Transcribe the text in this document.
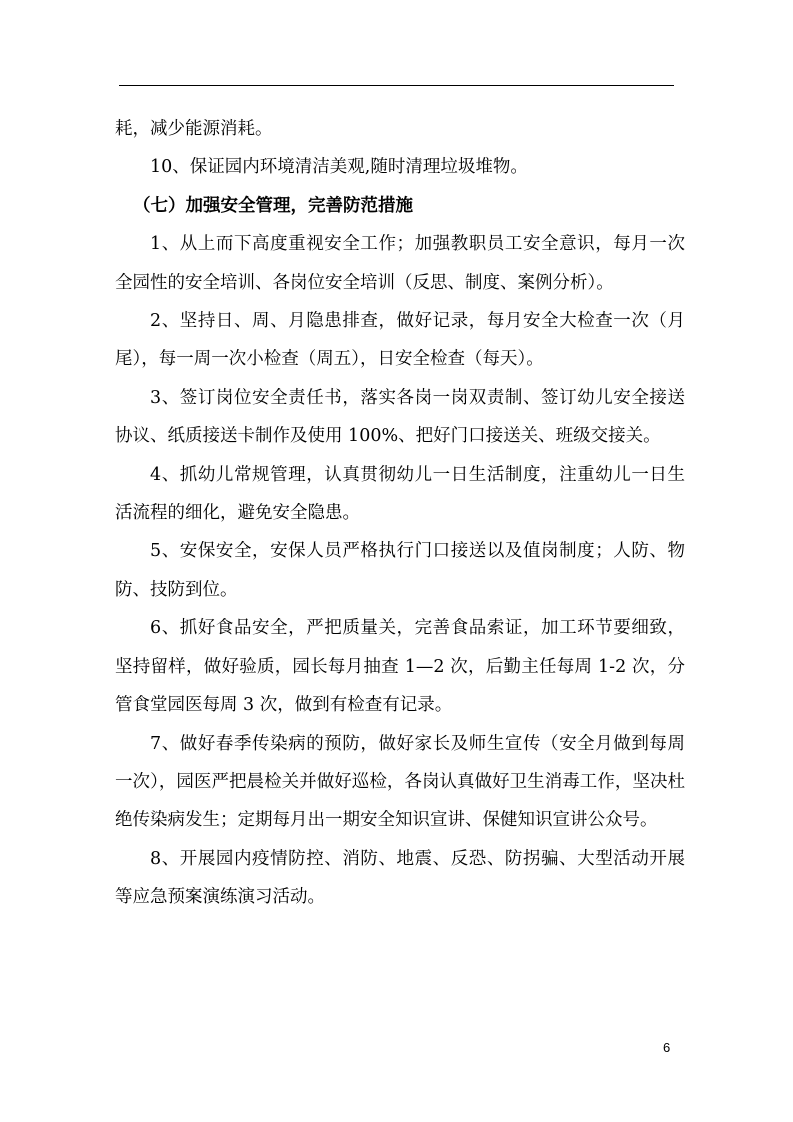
耗，减少能源消耗。

10、保证园内环境清洁美观,随时清理垃圾堆物。

（七）加强安全管理，完善防范措施

1、从上而下高度重视安全工作；加强教职员工安全意识，每月一次全园性的安全培训、各岗位安全培训（反思、制度、案例分析）。

2、坚持日、周、月隐患排查，做好记录，每月安全大检查一次（月尾），每一周一次小检查（周五），日安全检查（每天）。

3、签订岗位安全责任书，落实各岗一岗双责制、签订幼儿安全接送协议、纸质接送卡制作及使用 100%、把好门口接送关、班级交接关。

4、抓幼儿常规管理，认真贯彻幼儿一日生活制度，注重幼儿一日生活流程的细化，避免安全隐患。

5、安保安全，安保人员严格执行门口接送以及值岗制度；人防、物防、技防到位。

6、抓好食品安全，严把质量关，完善食品索证，加工环节要细致，坚持留样，做好验质，园长每月抽查 1—2 次，后勤主任每周 1-2 次，分管食堂园医每周 3 次，做到有检查有记录。

7、做好春季传染病的预防，做好家长及师生宣传（安全月做到每周一次），园医严把晨检关并做好巡检，各岗认真做好卫生消毒工作，坚决杜绝传染病发生；定期每月出一期安全知识宣讲、保健知识宣讲公众号。

8、开展园内疫情防控、消防、地震、反恐、防拐骗、大型活动开展等应急预案演练演习活动。

6
